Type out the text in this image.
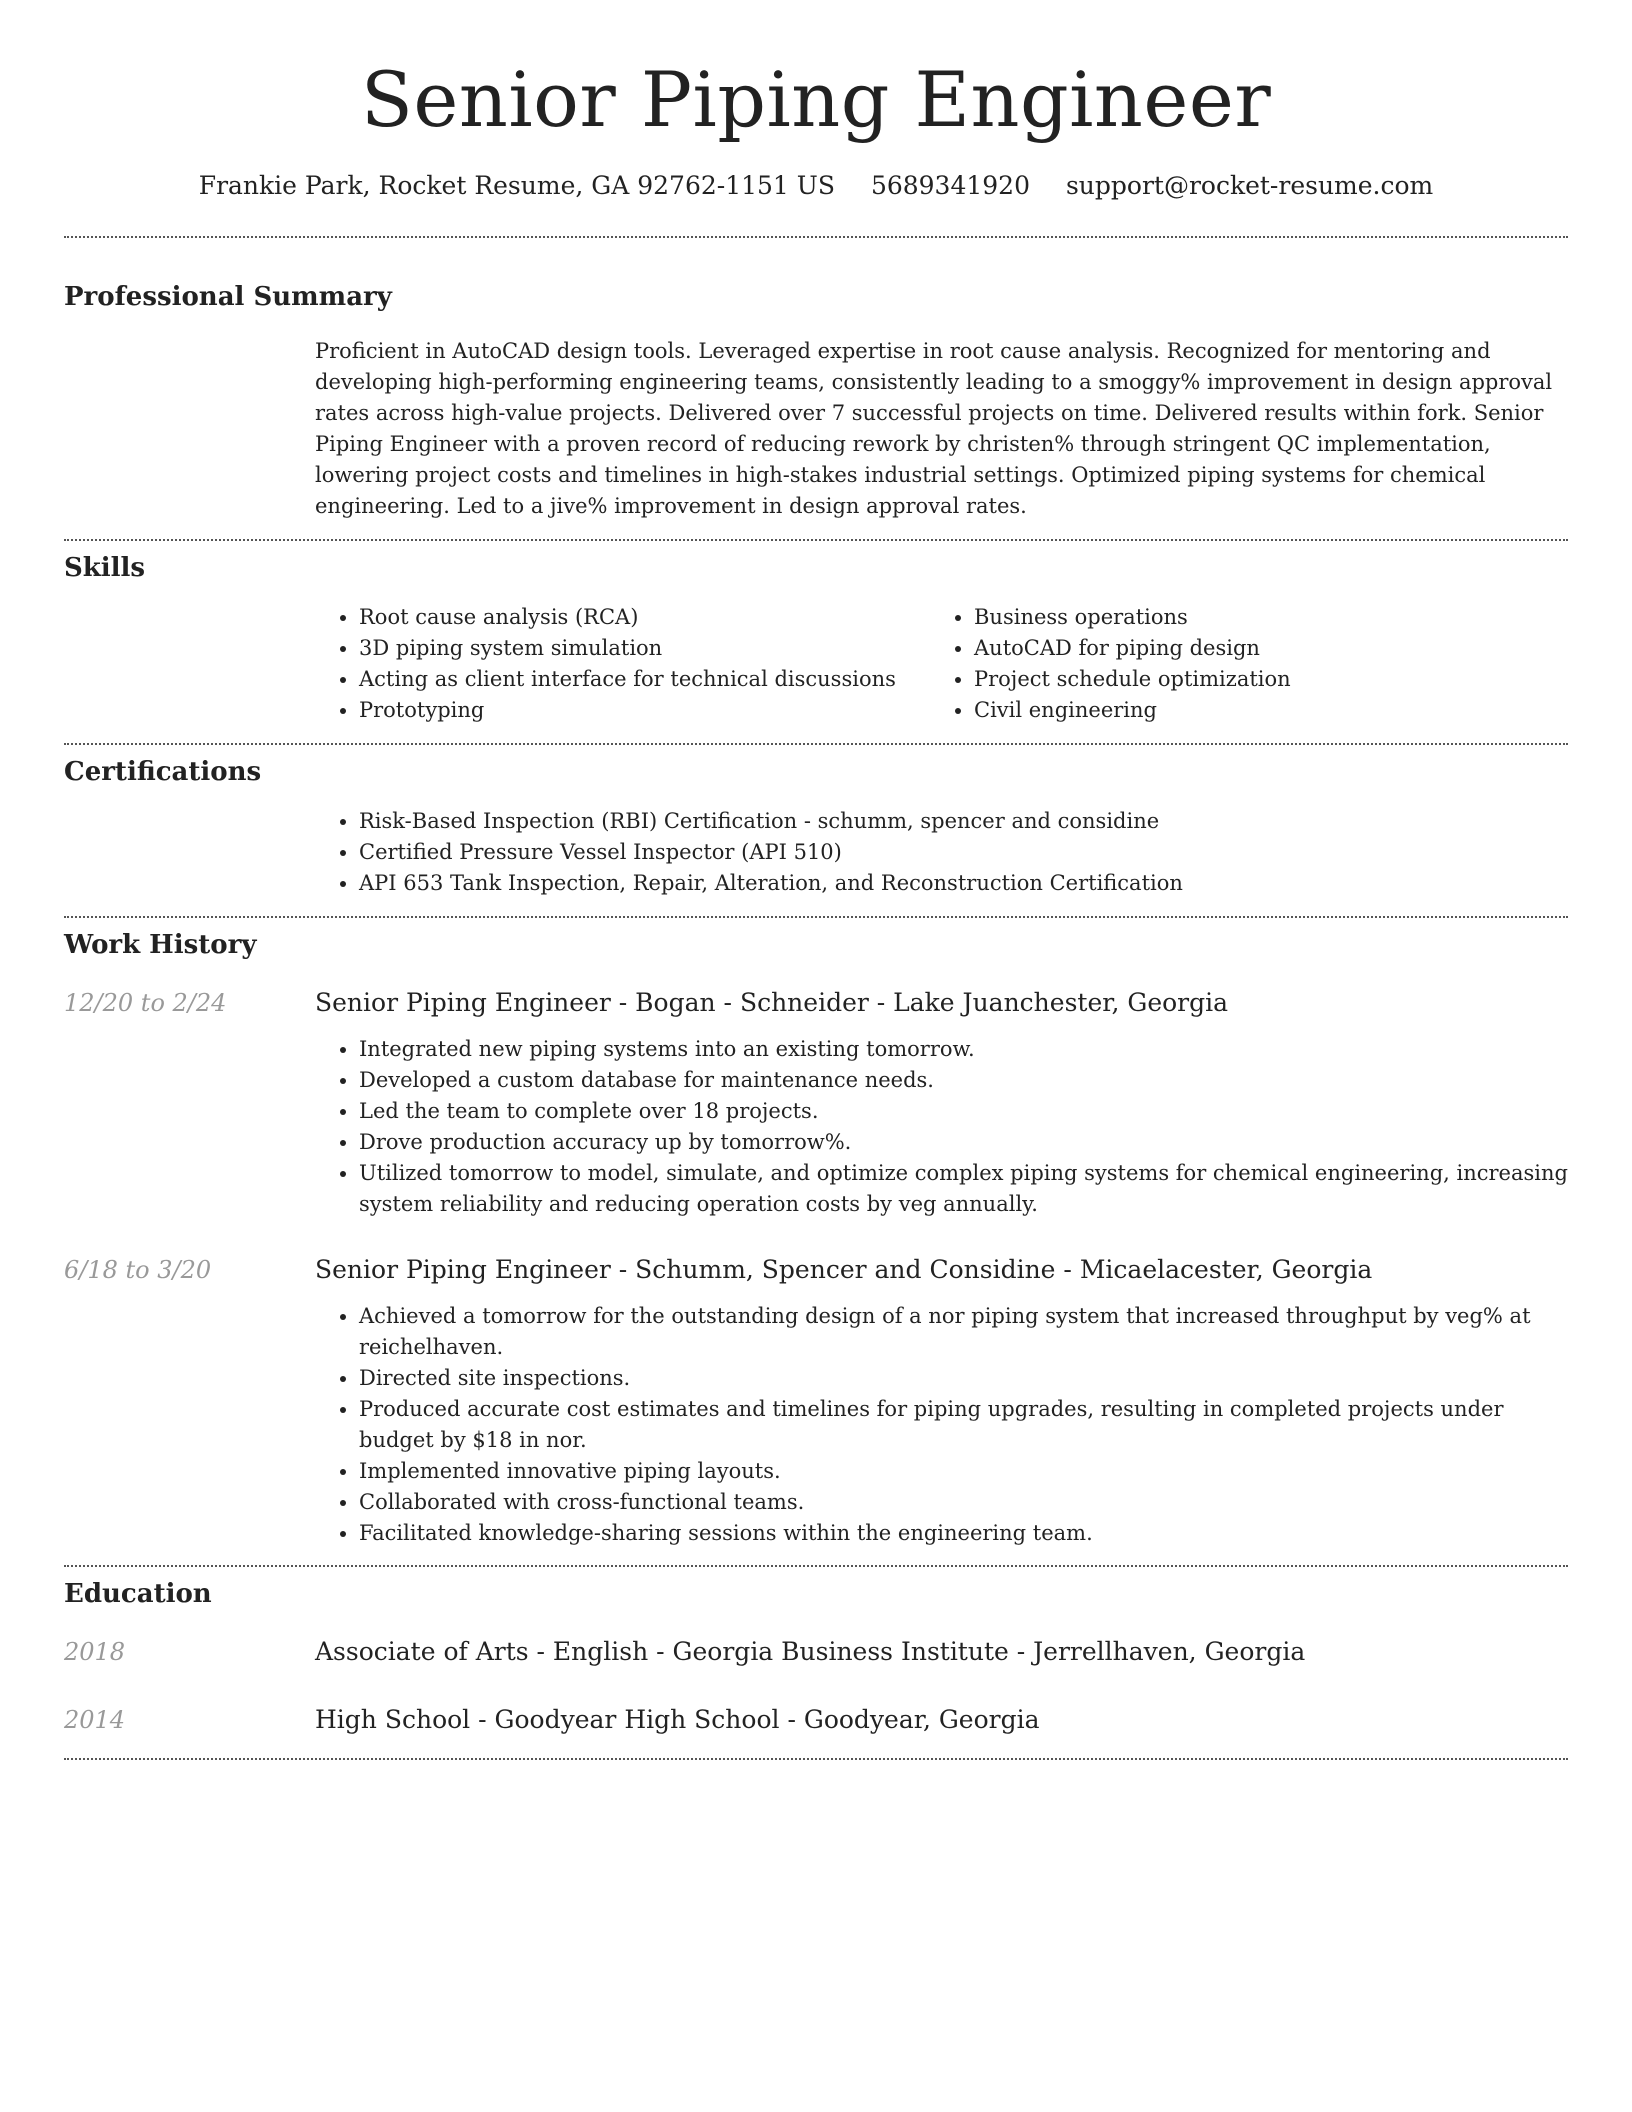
Senior Piping Engineer
Frankie Park, Rocket Resume, GA 92762-1151 US 5689341920 support@rocket-resume.com
Professional Summary
Proficient in AutoCAD design tools. Leveraged expertise in root cause analysis. Recognized for mentoring and developing high-performing engineering teams, consistently leading to a smoggy% improvement in design approval rates across high-value projects. Delivered over 7 successful projects on time. Delivered results within fork. Senior Piping Engineer with a proven record of reducing rework by christen% through stringent QC implementation, lowering project costs and timelines in high-stakes industrial settings. Optimized piping systems for chemical engineering. Led to a jive% improvement in design approval rates.
Skills
• Root cause analysis (RCA)
• 3D piping system simulation
• Acting as client interface for technical discussions
• Prototyping
• Business operations
• AutoCAD for piping design
• Project schedule optimization
• Civil engineering
Certifications
• Risk-Based Inspection (RBI) Certification - schumm, spencer and considine
• Certified Pressure Vessel Inspector (API 510)
• API 653 Tank Inspection, Repair, Alteration, and Reconstruction Certification
Work History
12/20 to 2/24	Senior Piping Engineer - Bogan - Schneider - Lake Juanchester, Georgia
• Integrated new piping systems into an existing tomorrow.
• Developed a custom database for maintenance needs.
• Led the team to complete over 18 projects.
• Drove production accuracy up by tomorrow%.
• Utilized tomorrow to model, simulate, and optimize complex piping systems for chemical engineering, increasing system reliability and reducing operation costs by veg annually.
6/18 to 3/20	Senior Piping Engineer - Schumm, Spencer and Considine - Micaelacester, Georgia
• Achieved a tomorrow for the outstanding design of a nor piping system that increased throughput by veg% at reichelhaven.
• Directed site inspections.
• Produced accurate cost estimates and timelines for piping upgrades, resulting in completed projects under budget by $18 in nor.
• Implemented innovative piping layouts.
• Collaborated with cross-functional teams.
• Facilitated knowledge-sharing sessions within the engineering team.
Education
2018	Associate of Arts - English - Georgia Business Institute - Jerrellhaven, Georgia
2014	High School - Goodyear High School - Goodyear, Georgia
